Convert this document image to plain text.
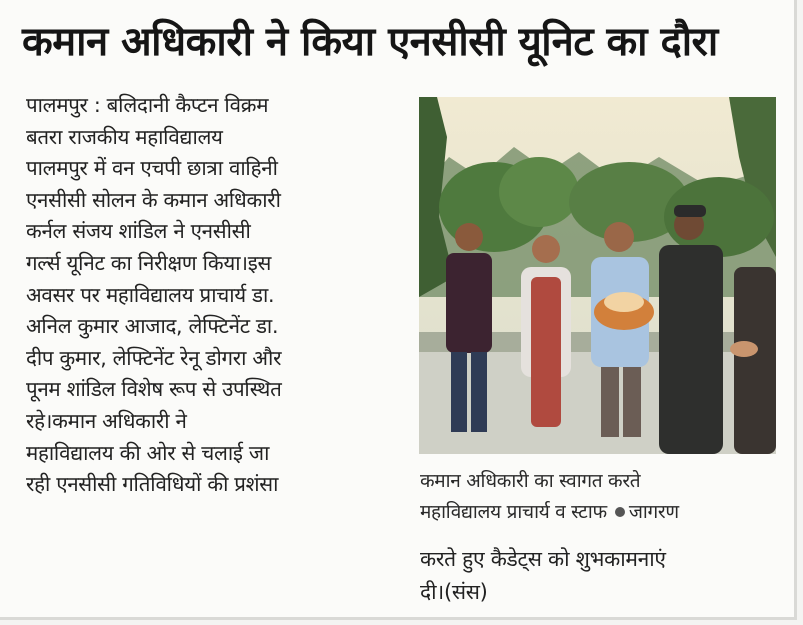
कमान अधिकारी ने किया एनसीसी यूनिट का दौरा
पालमपुर : बलिदानी कैप्टन विक्रम
बतरा राजकीय महाविद्यालय
पालमपुर में वन एचपी छात्रा वाहिनी
एनसीसी सोलन के कमान अधिकारी
कर्नल संजय शांडिल ने एनसीसी
गर्ल्स यूनिट का निरीक्षण किया।इस
अवसर पर महाविद्यालय प्राचार्य डा.
अनिल कुमार आजाद, लेफ्टिनेंट डा.
दीप कुमार, लेफ्टिनेंट रेनू डोगरा और
पूनम शांडिल विशेष रूप से उपस्थित
रहे।कमान अधिकारी ने
महाविद्यालय की ओर से चलाई जा
रही एनसीसी गतिविधियों की प्रशंसा	कमान अधिकारी का स्वागत करते
महाविद्यालय प्राचार्य व स्टाफ जागरण
करते हुए कैडेट्स को शुभकामनाएं
दी।(संस)
